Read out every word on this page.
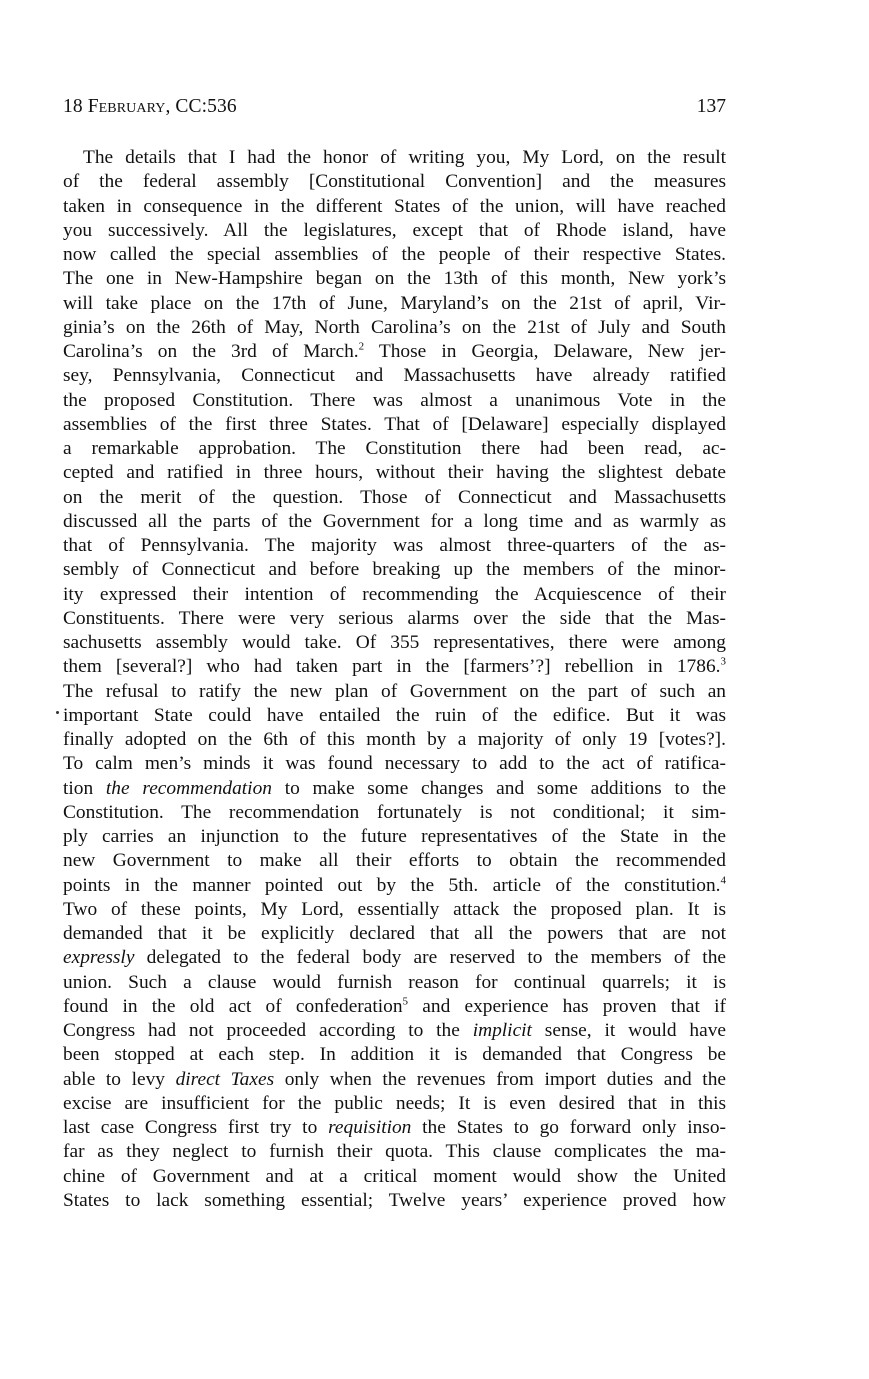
18 February, CC:536	137
The details that I had the honor of writing you, My Lord, on the result
of the federal assembly [Constitutional Convention] and the measures
taken in consequence in the different States of the union, will have reached
you successively. All the legislatures, except that of Rhode island, have
now called the special assemblies of the people of their respective States.
The one in New-Hampshire began on the 13th of this month, New york’s
will take place on the 17th of June, Maryland’s on the 21st of april, Vir-
ginia’s on the 26th of May, North Carolina’s on the 21st of July and South
Carolina’s on the 3rd of March.$^2$ Those in Georgia, Delaware, New jer-
sey, Pennsylvania, Connecticut and Massachusetts have already ratified
the proposed Constitution. There was almost a unanimous Vote in the
assemblies of the first three States. That of [Delaware] especially displayed
a remarkable approbation. The Constitution there had been read, ac-
cepted and ratified in three hours, without their having the slightest debate
on the merit of the question. Those of Connecticut and Massachusetts
discussed all the parts of the Government for a long time and as warmly as
that of Pennsylvania. The majority was almost three-quarters of the as-
sembly of Connecticut and before breaking up the members of the minor-
ity expressed their intention of recommending the Acquiescence of their
Constituents. There were very serious alarms over the side that the Mas-
sachusetts assembly would take. Of 355 representatives, there were among
them [several?] who had taken part in the [farmers’?] rebellion in 1786.$^3$
The refusal to ratify the new plan of Government on the part of such an
important State could have entailed the ruin of the edifice. But it was
finally adopted on the 6th of this month by a majority of only 19 [votes?].
To calm men’s minds it was found necessary to add to the act of ratifica-
tion the recommendation to make some changes and some additions to the
Constitution. The recommendation fortunately is not conditional; it sim-
ply carries an injunction to the future representatives of the State in the
new Government to make all their efforts to obtain the recommended
points in the manner pointed out by the 5th. article of the constitution.$^4$
Two of these points, My Lord, essentially attack the proposed plan. It is
demanded that it be explicitly declared that all the powers that are not
expressly delegated to the federal body are reserved to the members of the
union. Such a clause would furnish reason for continual quarrels; it is
found in the old act of confederation$^5$ and experience has proven that if
Congress had not proceeded according to the implicit sense, it would have
been stopped at each step. In addition it is demanded that Congress be
able to levy direct Taxes only when the revenues from import duties and the
excise are insufficient for the public needs; It is even desired that in this
last case Congress first try to requisition the States to go forward only inso-
far as they neglect to furnish their quota. This clause complicates the ma-
chine of Government and at a critical moment would show the United
States to lack something essential; Twelve years’ experience proved how
